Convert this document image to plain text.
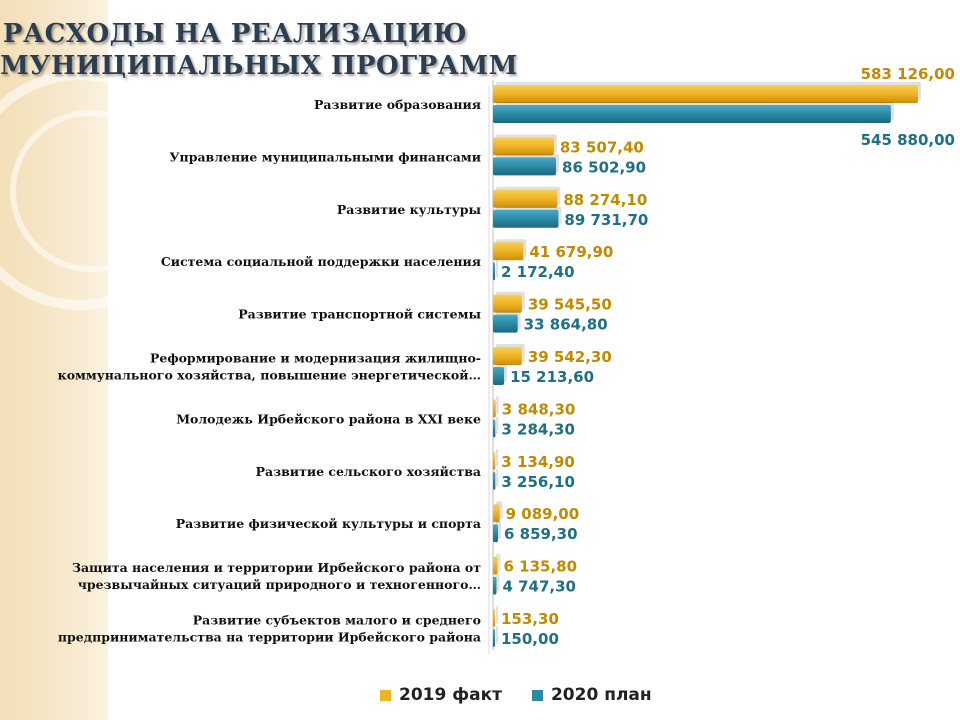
РАСХОДЫ НА РЕАЛИЗАЦИЮ
МУНИЦИПАЛЬНЫХ ПРОГРАММ
Развитие образования
583 126,00
545 880,00
Управление муниципальными финансами
83 507,40
86 502,90
Развитие культуры
88 274,10
89 731,70
Система социальной поддержки населения
41 679,90
2 172,40
Развитие транспортной системы
39 545,50
33 864,80
Реформирование и модернизация жилищно-
коммунального хозяйства, повышение энергетической…
39 542,30
15 213,60
Молодежь Ирбейского района в XXI веке
3 848,30
3 284,30
Развитие сельского хозяйства
3 134,90
3 256,10
Развитие физической культуры и спорта
9 089,00
6 859,30
Защита населения и территории Ирбейского района от
чрезвычайных ситуаций природного и техногенного…
6 135,80
4 747,30
Развитие субъектов малого и среднего
предпринимательства на территории Ирбейского района
153,30
150,00
2019 факт	2020 план
